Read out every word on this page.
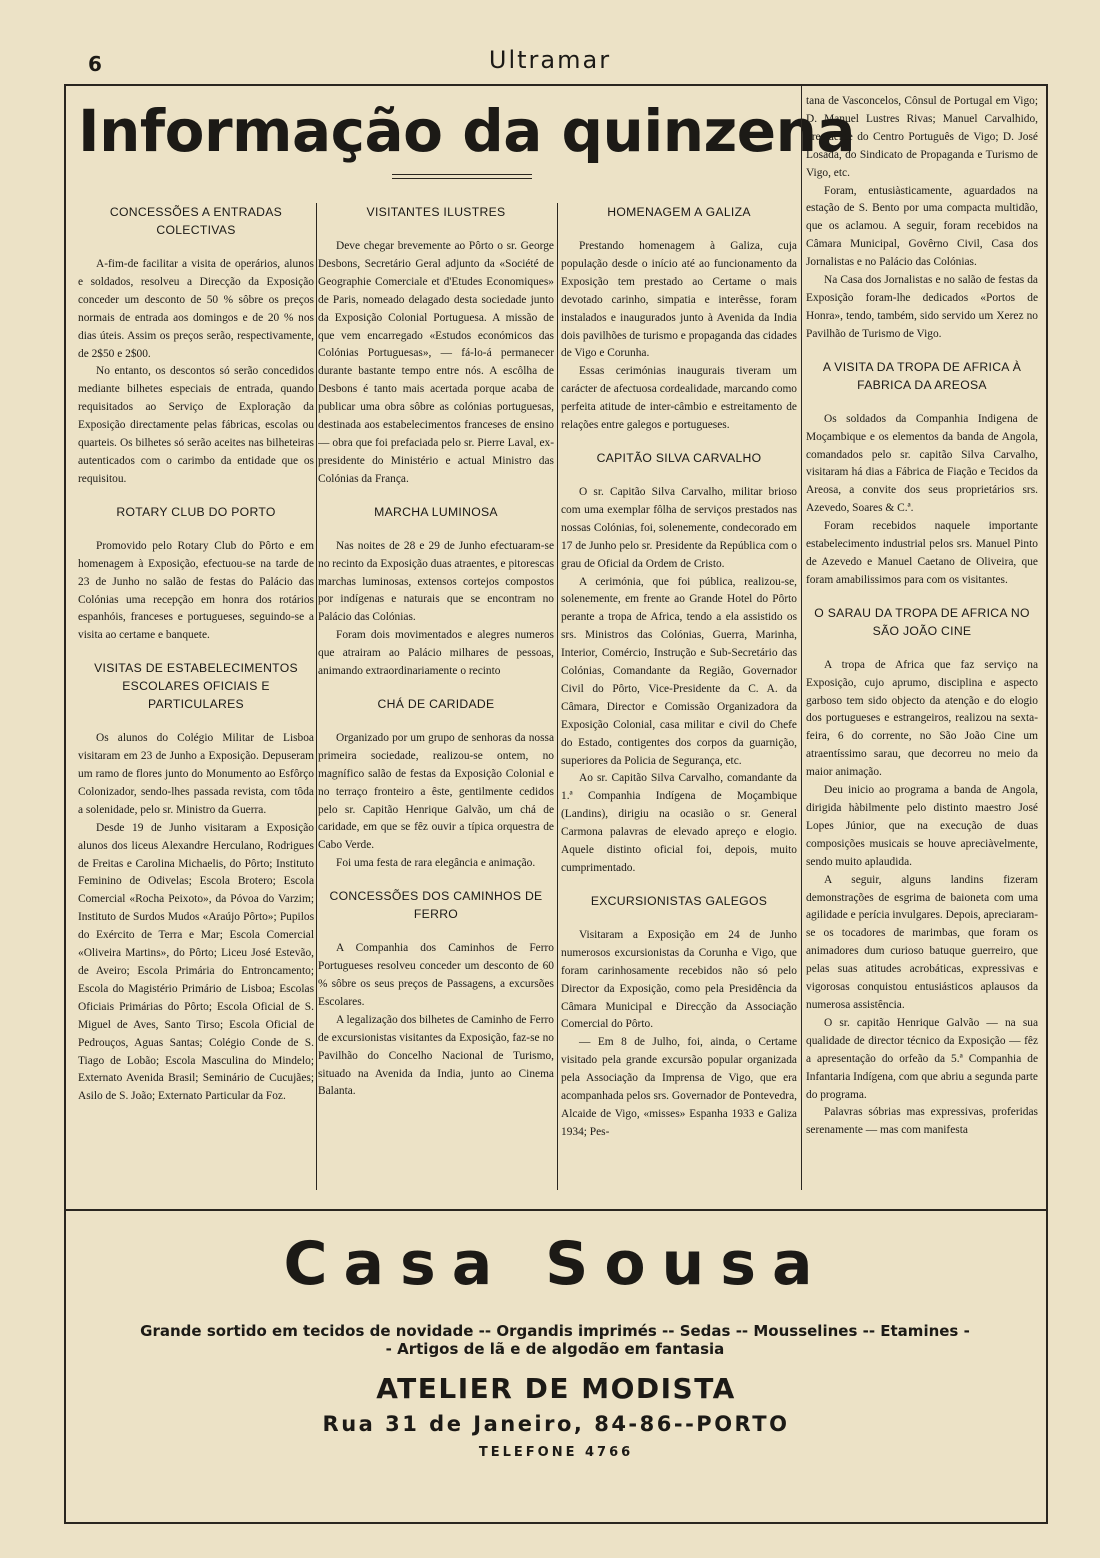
6	Ultramar
Informação da quinzena
CONCESSÕES A ENTRADAS COLECTIVAS

A-fim-de facilitar a visita de operários, alunos e soldados, resolveu a Direcção da Exposição conceder um desconto de 50 % sôbre os preços normais de entrada aos domingos e de 20 % nos dias úteis. Assim os preços serão, respectivamente, de 2$50 e 2$00.

No entanto, os descontos só serão concedidos mediante bilhetes especiais de entrada, quando requisitados ao Serviço de Exploração da Exposição directamente pelas fábricas, escolas ou quarteis. Os bilhetes só serão aceites nas bilheteiras autenticados com o carimbo da entidade que os requisitou.

ROTARY CLUB DO PORTO

Promovido pelo Rotary Club do Pôrto e em homenagem à Exposição, efectuou-se na tarde de 23 de Junho no salão de festas do Palácio das Colónias uma recepção em honra dos rotários espanhóis, franceses e portugueses, seguindo-se a visita ao certame e banquete.

VISITAS DE ESTABELECIMENTOS ESCOLARES OFICIAIS E PARTICULARES

Os alunos do Colégio Militar de Lisboa visitaram em 23 de Junho a Exposição. Depuseram um ramo de flores junto do Monumento ao Esfôrço Colonizador, sendo-lhes passada revista, com tôda a solenidade, pelo sr. Ministro da Guerra.

Desde 19 de Junho visitaram a Exposição alunos dos liceus Alexandre Herculano, Rodrigues de Freitas e Carolina Michaelis, do Pôrto; Instituto Feminino de Odivelas; Escola Brotero; Escola Comercial «Rocha Peixoto», da Póvoa do Varzim; Instituto de Surdos Mudos «Araújo Pôrto»; Pupilos do Exército de Terra e Mar; Escola Comercial «Oliveira Martins», do Pôrto; Liceu José Estevão, de Aveiro; Escola Primária do Entroncamento; Escola do Magistério Primário de Lisboa; Escolas Oficiais Primárias do Pôrto; Escola Oficial de S. Miguel de Aves, Santo Tirso; Escola Oficial de Pedrouços, Aguas Santas; Colégio Conde de S. Tiago de Lobão; Escola Masculina do Mindelo; Externato Avenida Brasil; Seminário de Cucujães; Asilo de S. João; Externato Particular da Foz.

VISITANTES ILUSTRES

Deve chegar brevemente ao Pôrto o sr. George Desbons, Secretário Geral adjunto da «Société de Geographie Comerciale et d'Etudes Economiques» de Paris, nomeado delagado desta sociedade junto da Exposição Colonial Portuguesa. A missão de que vem encarregado «Estudos económicos das Colónias Portuguesas», — fá-lo-á permanecer durante bastante tempo entre nós. A escôlha de Desbons é tanto mais acertada porque acaba de publicar uma obra sôbre as colónias portuguesas, destinada aos estabelecimentos franceses de ensino — obra que foi prefaciada pelo sr. Pierre Laval, ex-presidente do Ministério e actual Ministro das Colónias da França.

MARCHA LUMINOSA

Nas noites de 28 e 29 de Junho efectuaram-se no recinto da Exposição duas atraentes, e pitorescas marchas luminosas, extensos cortejos compostos por indígenas e naturais que se encontram no Palácio das Colónias.

Foram dois movimentados e alegres numeros que atrairam ao Palácio milhares de pessoas, animando extraordinariamente o recinto

CHÁ DE CARIDADE

Organizado por um grupo de senhoras da nossa primeira sociedade, realizou-se ontem, no magnífico salão de festas da Exposição Colonial e no terraço fronteiro a êste, gentilmente cedidos pelo sr. Capitão Henrique Galvão, um chá de caridade, em que se fêz ouvir a típica orquestra de Cabo Verde.

Foi uma festa de rara elegância e animação.

CONCESSÕES DOS CAMINHOS DE FERRO

A Companhia dos Caminhos de Ferro Portugueses resolveu conceder um desconto de 60 % sôbre os seus preços de Passagens, a excursões Escolares.

A legalização dos bilhetes de Caminho de Ferro de excursionistas visitantes da Exposição, faz-se no Pavilhão do Concelho Nacional de Turismo, situado na Avenida da India, junto ao Cinema Balanta.

HOMENAGEM A GALIZA

Prestando homenagem à Galiza, cuja população desde o início até ao funcionamento da Exposição tem prestado ao Certame o mais devotado carinho, simpatia e interêsse, foram instalados e inaugurados junto à Avenida da India dois pavilhões de turismo e propaganda das cidades de Vigo e Corunha.

Essas cerimónias inaugurais tiveram um carácter de afectuosa cordealidade, marcando como perfeita atitude de inter-câmbio e estreitamento de relações entre galegos e portugueses.

CAPITÃO SILVA CARVALHO

O sr. Capitão Silva Carvalho, militar brioso com uma exemplar fôlha de serviços prestados nas nossas Colónias, foi, solenemente, condecorado em 17 de Junho pelo sr. Presidente da República com o grau de Oficial da Ordem de Cristo.

A cerimónia, que foi pública, realizou-se, solenemente, em frente ao Grande Hotel do Pôrto perante a tropa de Africa, tendo a ela assistido os srs. Ministros das Colónias, Guerra, Marinha, Interior, Comércio, Instrução e Sub-Secretário das Colónias, Comandante da Região, Governador Civil do Pôrto, Vice-Presidente da C. A. da Câmara, Director e Comissão Organizadora da Exposição Colonial, casa militar e civil do Chefe do Estado, contigentes dos corpos da guarnição, superiores da Policia de Segurança, etc.

Ao sr. Capitão Silva Carvalho, comandante da 1.ª Companhia Indígena de Moçambique (Landins), dirigiu na ocasião o sr. General Carmona palavras de elevado apreço e elogio. Aquele distinto oficial foi, depois, muito cumprimentado.

EXCURSIONISTAS GALEGOS

Visitaram a Exposição em 24 de Junho numerosos excursionistas da Corunha e Vigo, que foram carinhosamente recebidos não só pelo Director da Exposição, como pela Presidência da Câmara Municipal e Direcção da Associação Comercial do Pôrto.

— Em 8 de Julho, foi, ainda, o Certame visitado pela grande excursão popular organizada pela Associação da Imprensa de Vigo, que era acompanhada pelos srs. Governador de Pontevedra, Alcaide de Vigo, «misses» Espanha 1933 e Galiza 1934; Pes-

tana de Vasconcelos, Cônsul de Portugal em Vigo; D. Manuel Lustres Rivas; Manuel Carvalhido, presidente do Centro Português de Vigo; D. José Losada, do Sindicato de Propaganda e Turismo de Vigo, etc.

Foram, entusiàsticamente, aguardados na estação de S. Bento por uma compacta multidão, que os aclamou. A seguir, foram recebidos na Câmara Municipal, Govêrno Civil, Casa dos Jornalistas e no Palácio das Colónias.

Na Casa dos Jornalistas e no salão de festas da Exposição foram-lhe dedicados «Portos de Honra», tendo, também, sido servido um Xerez no Pavilhão de Turismo de Vigo.

A VISITA DA TROPA DE AFRICA À FABRICA DA AREOSA

Os soldados da Companhia Indigena de Moçambique e os elementos da banda de Angola, comandados pelo sr. capitão Silva Carvalho, visitaram há dias a Fábrica de Fiação e Tecidos da Areosa, a convite dos seus proprietários srs. Azevedo, Soares & C.ª.

Foram recebidos naquele importante estabelecimento industrial pelos srs. Manuel Pinto de Azevedo e Manuel Caetano de Oliveira, que foram amabilissimos para com os visitantes.

O SARAU DA TROPA DE AFRICA NO SÃO JOÃO CINE

A tropa de Africa que faz serviço na Exposição, cujo aprumo, disciplina e aspecto garboso tem sido objecto da atenção e do elogio dos portugueses e estrangeiros, realizou na sexta-feira, 6 do corrente, no São João Cine um atraentíssimo sarau, que decorreu no meio da maior animação.

Deu inicio ao programa a banda de Angola, dirigida hàbilmente pelo distinto maestro José Lopes Júnior, que na execução de duas composições musicais se houve apreciàvelmente, sendo muito aplaudida.

A seguir, alguns landins fizeram demonstrações de esgrima de baioneta com uma agilidade e perícia invulgares. Depois, apreciaram-se os tocadores de marimbas, que foram os animadores dum curioso batuque guerreiro, que pelas suas atitudes acrobáticas, expressivas e vigorosas conquistou entusiásticos aplausos da numerosa assistência.

O sr. capitão Henrique Galvão — na sua qualidade de director técnico da Exposição — fêz a apresentação do orfeão da 5.ª Companhia de Infantaria Indígena, com que abriu a segunda parte do programa.

Palavras sóbrias mas expressivas, proferidas serenamente — mas com manifesta

Casa Sousa
Grande sortido em tecidos de novidade -- Organdis imprimés -- Sedas -- Mousselines -- Etamines -- Artigos de lã e de algodão em fantasia
ATELIER DE MODISTA
Rua 31 de Janeiro, 84-86--PORTO
TELEFONE 4766
